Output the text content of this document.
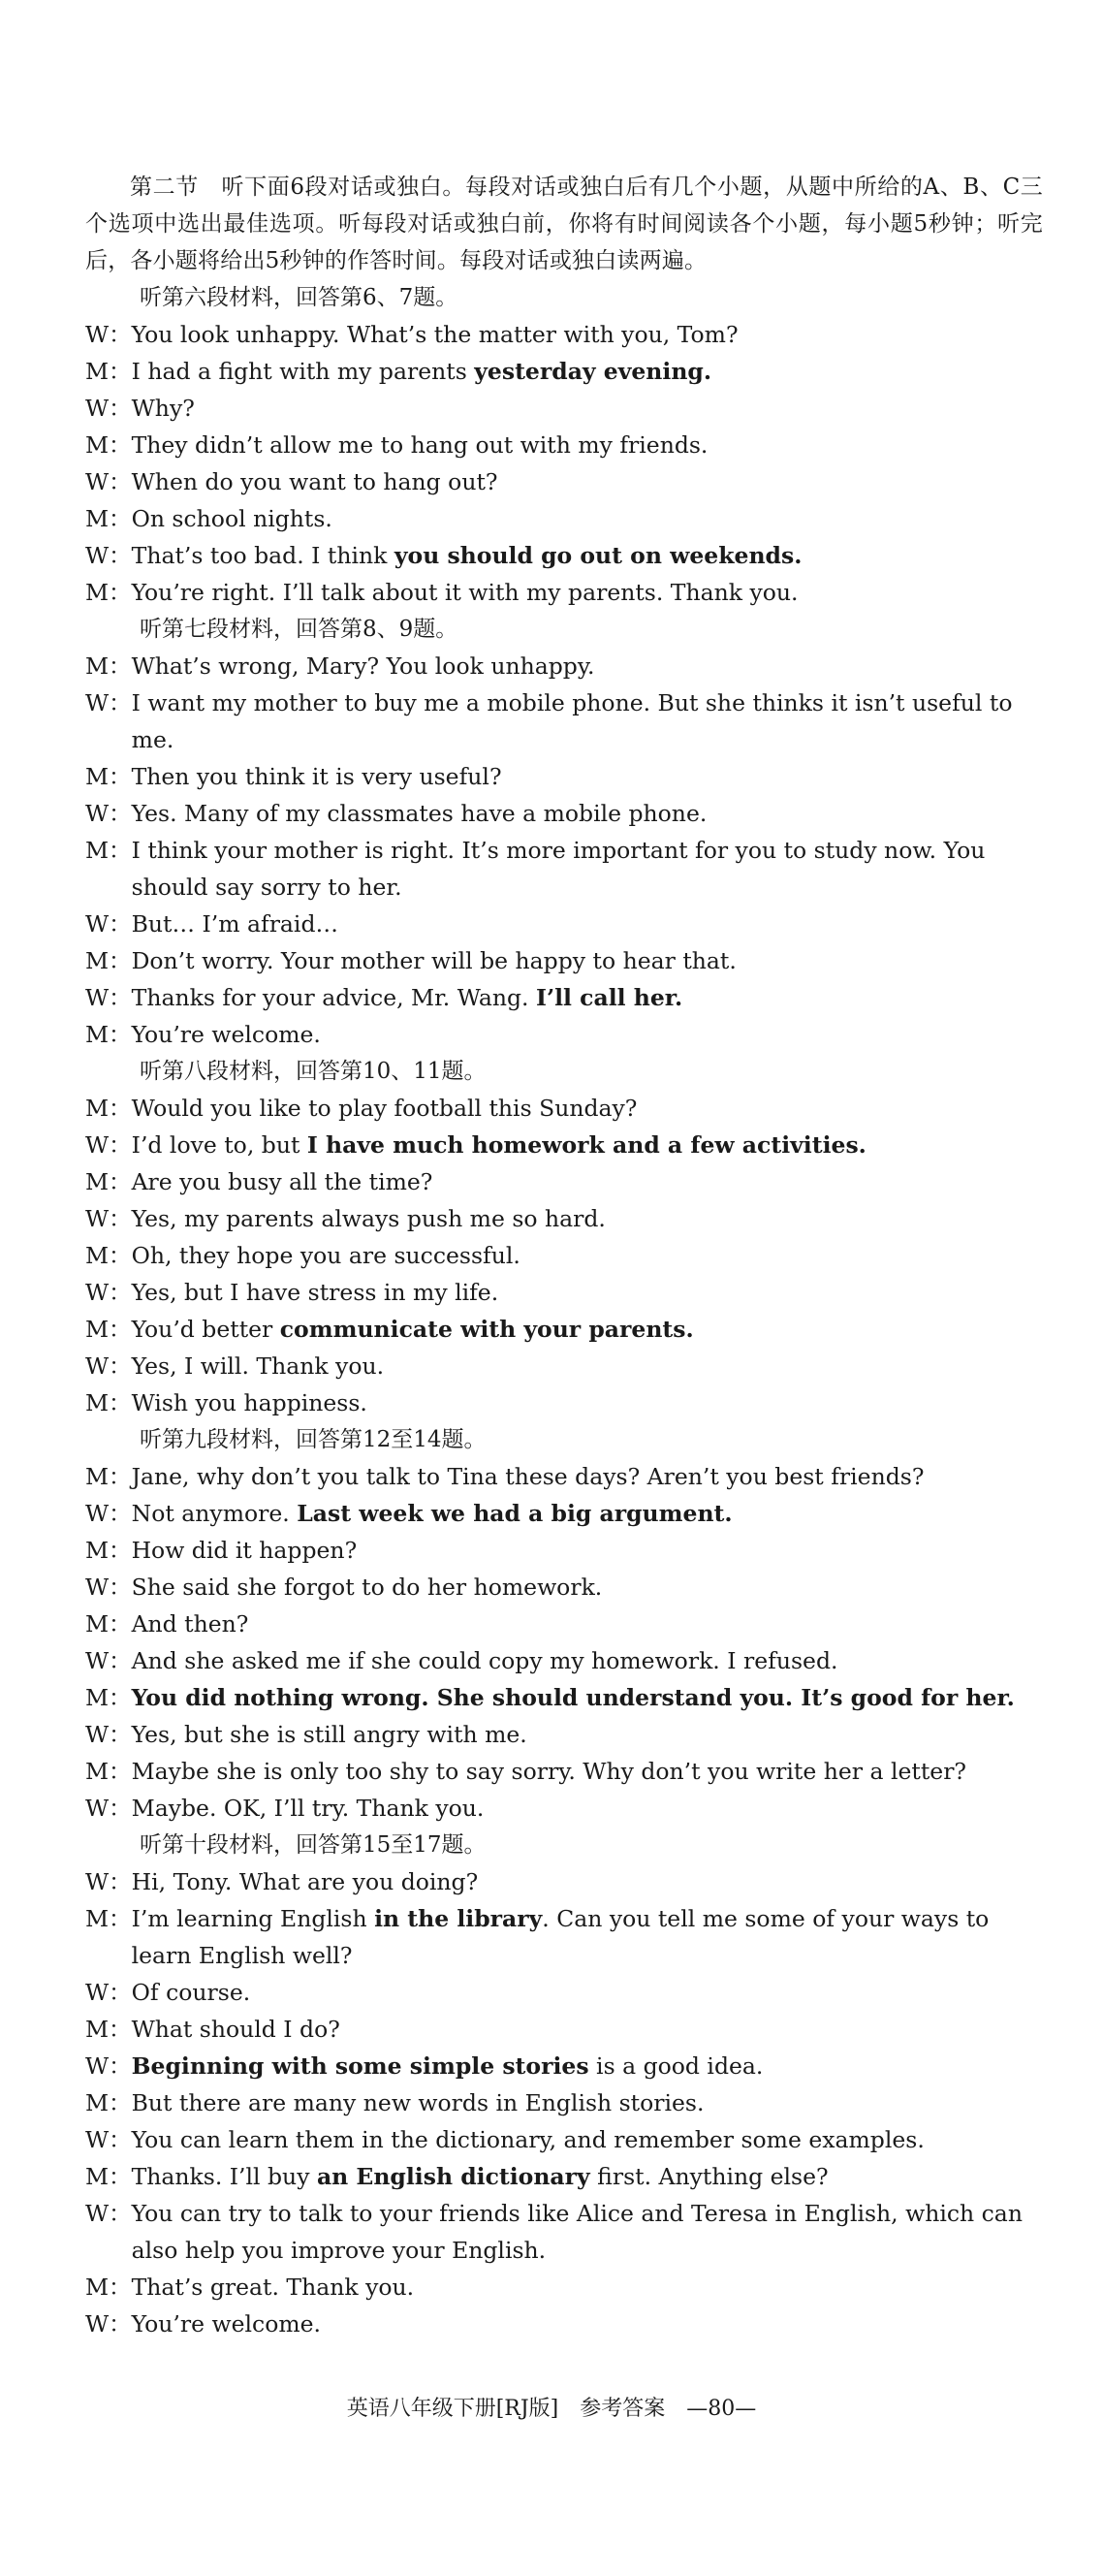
第二节　听下面6段对话或独白。每段对话或独白后有几个小题，从题中所给的A、B、C三个选项中选出最佳选项。听每段对话或独白前，你将有时间阅读各个小题，每小题5秒钟；听完后，各小题将给出5秒钟的作答时间。每段对话或独白读两遍。

听第六段材料，回答第6、7题。
W： You look unhappy. What’s the matter with you, Tom?
M： I had a fight with my parents yesterday evening.
W： Why?
M： They didn’t allow me to hang out with my friends.
W： When do you want to hang out?
M： On school nights.
W： That’s too bad. I think you should go out on weekends.
M： You’re right. I’ll talk about it with my parents. Thank you.
听第七段材料，回答第8、9题。
M： What’s wrong, Mary? You look unhappy.
W： I want my mother to buy me a mobile phone. But she thinks it isn’t useful to me.
M： Then you think it is very useful?
W： Yes. Many of my classmates have a mobile phone.
M： I think your mother is right. It’s more important for you to study now. You should say sorry to her.
W： But… I’m afraid…
M： Don’t worry. Your mother will be happy to hear that.
W： Thanks for your advice, Mr. Wang. I’ll call her.
M： You’re welcome.
听第八段材料，回答第10、11题。
M： Would you like to play football this Sunday?
W： I’d love to, but I have much homework and a few activities.
M： Are you busy all the time?
W： Yes, my parents always push me so hard.
M： Oh, they hope you are successful.
W： Yes, but I have stress in my life.
M： You’d better communicate with your parents.
W： Yes, I will. Thank you.
M： Wish you happiness.
听第九段材料，回答第12至14题。
M： Jane, why don’t you talk to Tina these days? Aren’t you best friends?
W： Not anymore. Last week we had a big argument.
M： How did it happen?
W： She said she forgot to do her homework.
M： And then?
W： And she asked me if she could copy my homework. I refused.
M： You did nothing wrong. She should understand you. It’s good for her.
W： Yes, but she is still angry with me.
M： Maybe she is only too shy to say sorry. Why don’t you write her a letter?
W： Maybe. OK, I’ll try. Thank you.
听第十段材料，回答第15至17题。
W： Hi, Tony. What are you doing?
M： I’m learning English in the library. Can you tell me some of your ways to learn English well?
W： Of course.
M： What should I do?
W： Beginning with some simple stories is a good idea.
M： But there are many new words in English stories.
W： You can learn them in the dictionary, and remember some examples.
M： Thanks. I’ll buy an English dictionary first. Anything else?
W： You can try to talk to your friends like Alice and Teresa in English, which can also help you improve your English.
M： That’s great. Thank you.
W： You’re welcome.
英语八年级下册[RJ版]　参考答案　—80—
